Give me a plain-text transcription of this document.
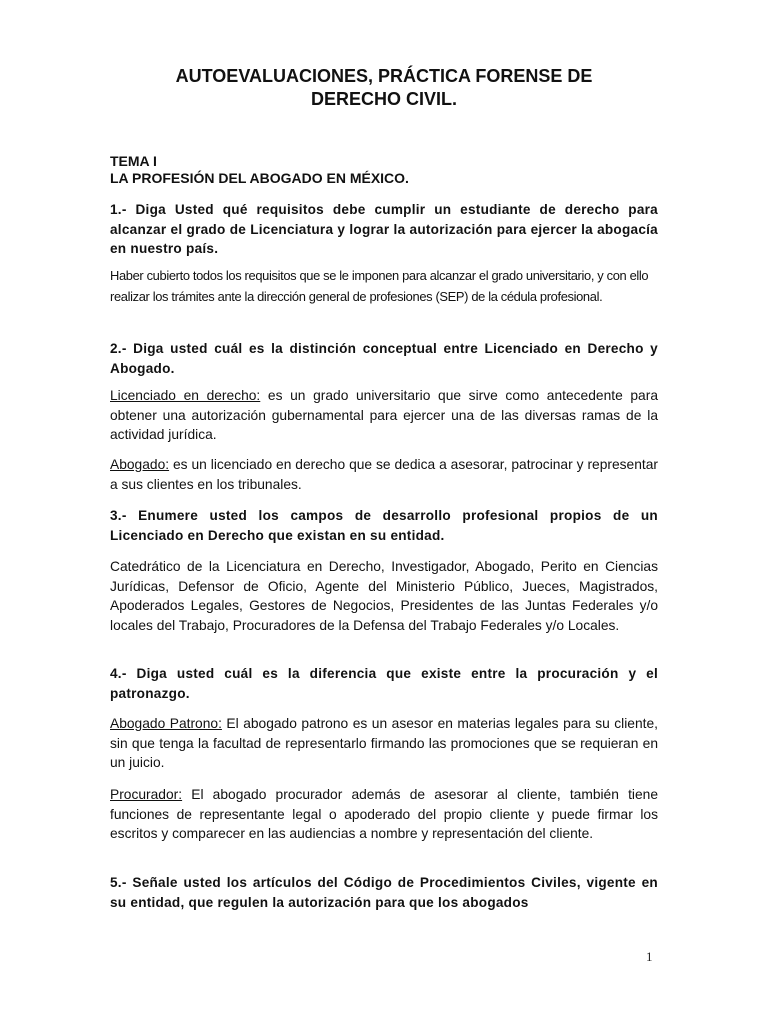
AUTOEVALUACIONES, PRÁCTICA FORENSE DE
DERECHO CIVIL.
TEMA I
LA PROFESIÓN DEL ABOGADO EN MÉXICO.

1.- Diga Usted qué requisitos debe cumplir un estudiante de derecho para alcanzar el grado de Licenciatura y lograr la autorización para ejercer la abogacía en nuestro país.

Haber cubierto todos los requisitos que se le imponen para alcanzar el grado universitario, y con ello realizar los trámites ante la dirección general de profesiones (SEP) de la cédula profesional.

2.- Diga usted cuál es la distinción conceptual entre Licenciado en Derecho y Abogado.

Licenciado en derecho: es un grado universitario que sirve como antecedente para obtener una autorización gubernamental para ejercer una de las diversas ramas de la actividad jurídica.

Abogado: es un licenciado en derecho que se dedica a asesorar, patrocinar y representar a sus clientes en los tribunales.

3.- Enumere usted los campos de desarrollo profesional propios de un Licenciado en Derecho que existan en su entidad.

Catedrático de la Licenciatura en Derecho, Investigador, Abogado, Perito en Ciencias Jurídicas, Defensor de Oficio, Agente del Ministerio Público, Jueces, Magistrados, Apoderados Legales, Gestores de Negocios, Presidentes de las Juntas Federales y/o locales del Trabajo, Procuradores de la Defensa del Trabajo Federales y/o Locales.

4.- Diga usted cuál es la diferencia que existe entre la procuración y el patronazgo.

Abogado Patrono: El abogado patrono es un asesor en materias legales para su cliente, sin que tenga la facultad de representarlo firmando las promociones que se requieran en un juicio.

Procurador: El abogado procurador además de asesorar al cliente, también tiene funciones de representante legal o apoderado del propio cliente y puede firmar los escritos y comparecer en las audiencias a nombre y representación del cliente.

5.- Señale usted los artículos del Código de Procedimientos Civiles, vigente en su entidad, que regulen la autorización para que los abogados

1
